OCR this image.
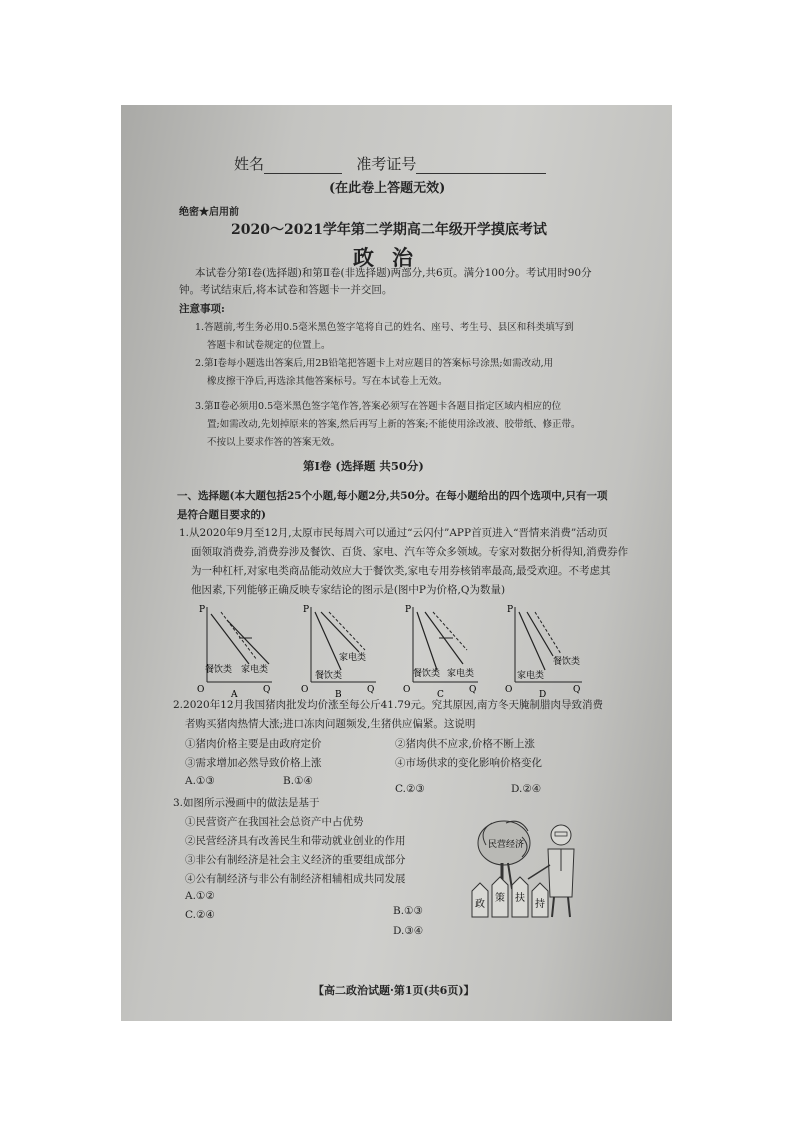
姓名	准考证号
(在此卷上答题无效)
绝密★启用前
2020～2021学年第二学期高二年级开学摸底考试
政治
本试卷分第Ⅰ卷(选择题)和第Ⅱ卷(非选择题)两部分,共6页。满分100分。考试用时90分
钟。考试结束后,将本试卷和答题卡一并交回。
注意事项:
1.答题前,考生务必用0.5毫米黑色签字笔将自己的姓名、座号、考生号、县区和科类填写到
答题卡和试卷规定的位置上。
2.第Ⅰ卷每小题选出答案后,用2B铅笔把答题卡上对应题目的答案标号涂黑;如需改动,用
橡皮擦干净后,再选涂其他答案标号。写在本试卷上无效。
3.第Ⅱ卷必须用0.5毫米黑色签字笔作答,答案必须写在答题卡各题目指定区域内相应的位
置;如需改动,先划掉原来的答案,然后再写上新的答案;不能使用涂改液、胶带纸、修正带。
不按以上要求作答的答案无效。
第Ⅰ卷 (选择题 共50分)
一、选择题(本大题包括25个小题,每小题2分,共50分。在每小题给出的四个选项中,只有一项
是符合题目要求的)
1.从2020年9月至12月,太原市民每周六可以通过“云闪付”APP首页进入“晋情来消费”活动页
面领取消费券,消费券涉及餐饮、百货、家电、汽车等众多领域。专家对数据分析得知,消费券作
为一种杠杆,对家电类商品能动效应大于餐饮类,家电专用券核销率最高,最受欢迎。不考虑其
他因素,下列能够正确反映专家结论的图示是(图中P为价格,Q为数量)
P
O	Q
餐饮类 家电类
A
P
O	Q
家电类
餐饮类
B
P
O	Q
餐饮类 家电类
C
P
O	Q
餐饮类
家电类
D
2.2020年12月我国猪肉批发均价涨至每公斤41.79元。究其原因,南方冬天腌制腊肉导致消费
者购买猪肉热情大涨;进口冻肉问题频发,生猪供应偏紧。这说明
①猪肉价格主要是由政府定价	②猪肉供不应求,价格不断上涨
③需求增加必然导致价格上涨	④市场供求的变化影响价格变化
A.①③	B.①④
C.②③	D.②④
3.如图所示漫画中的做法是基于
①民营资产在我国社会总资产中占优势
②民营经济具有改善民生和带动就业创业的作用
③非公有制经济是社会主义经济的重要组成部分
④公有制经济与非公有制经济相辅相成共同发展
A.①②
C.②④	B.①③
D.③④
民营经济
政
策 扶
持
【高二政治试题·第1页(共6页)】
